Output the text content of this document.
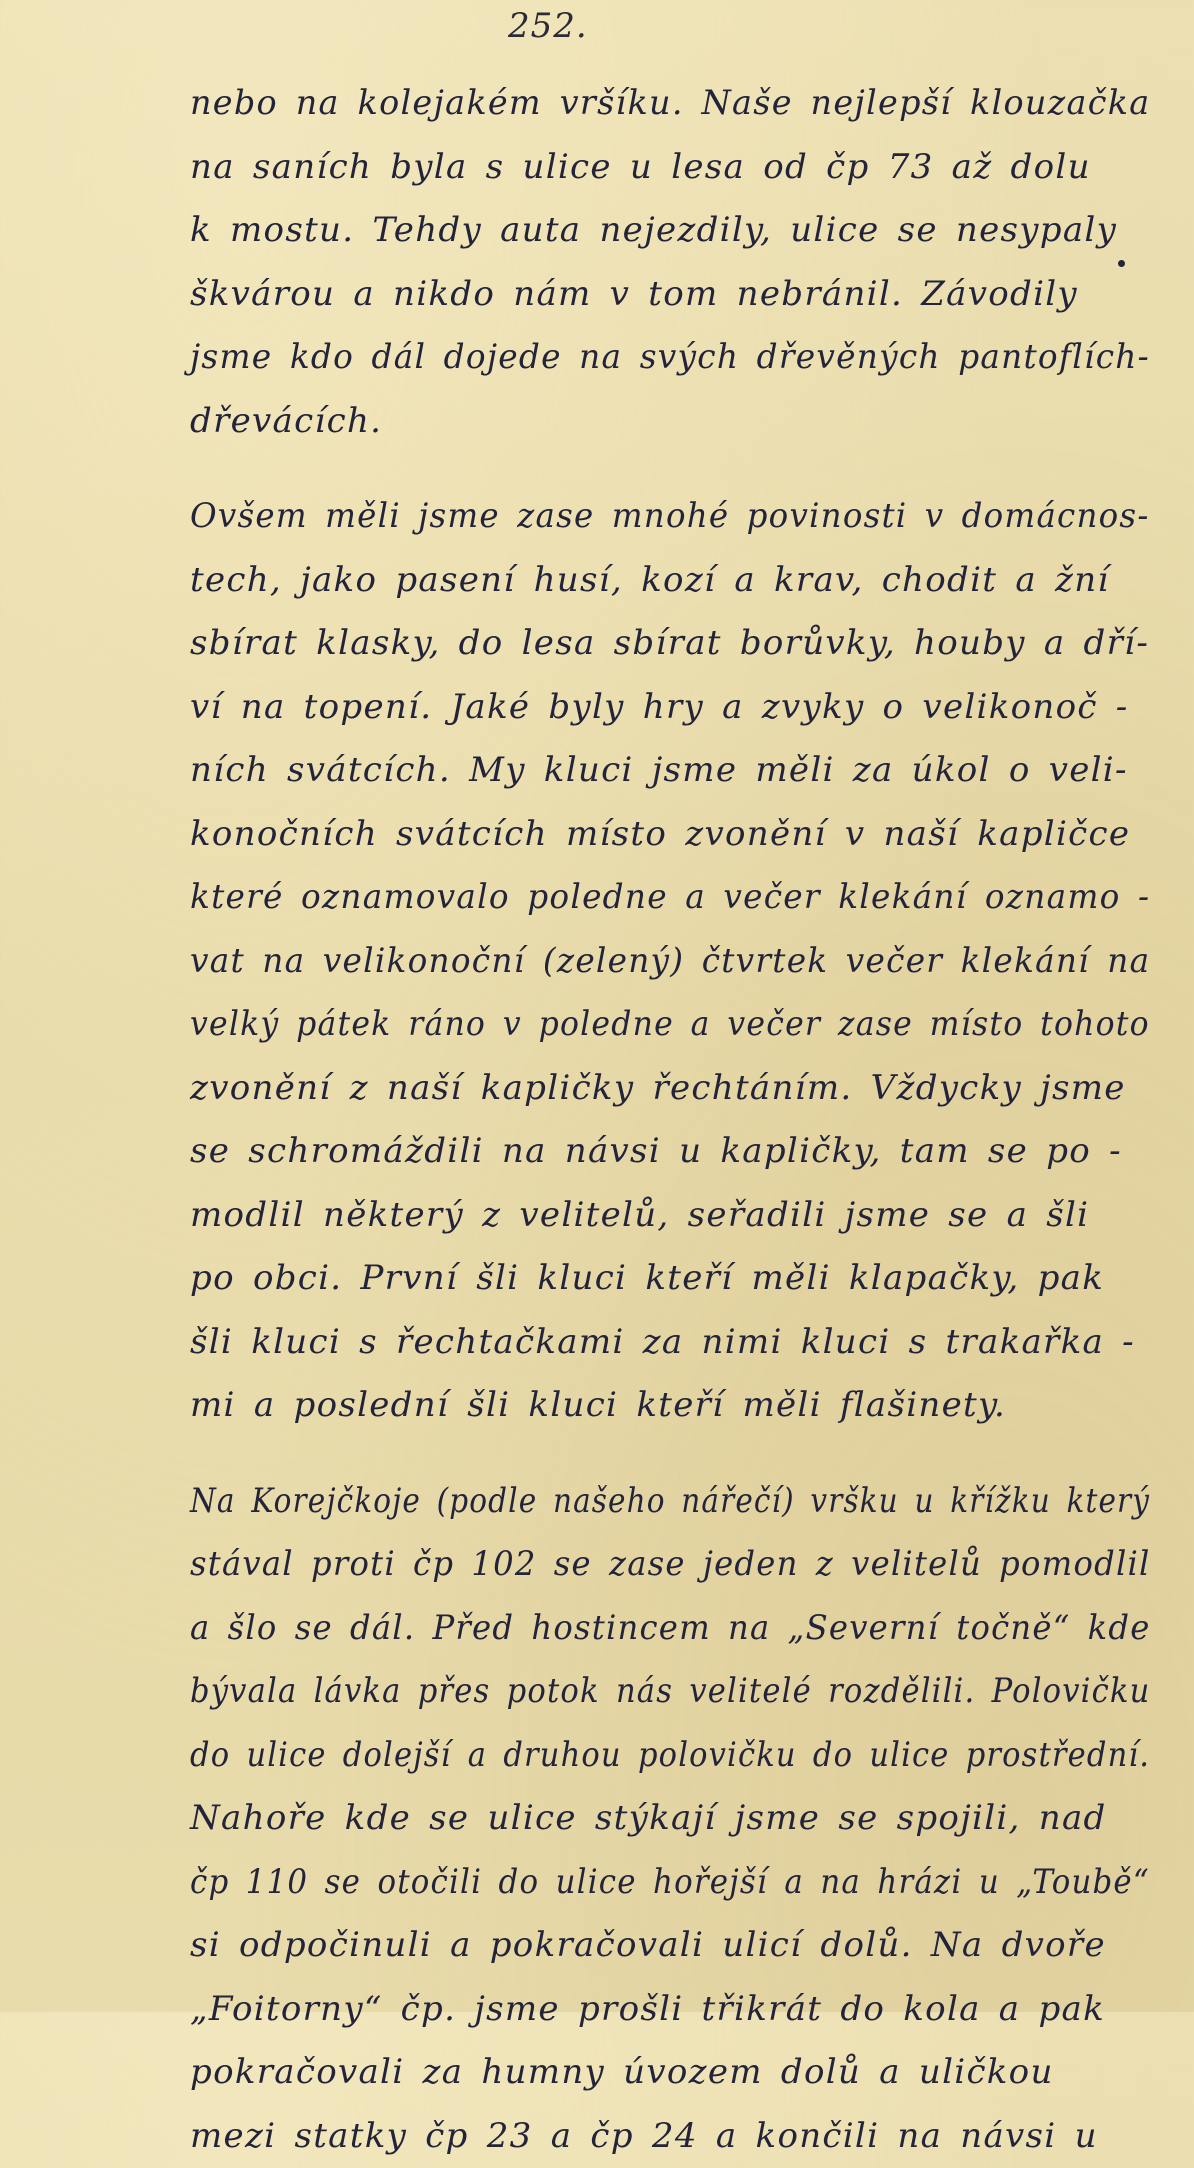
252.
nebo na kolejakém vršíku. Naše nejlepší klouzačka
na saních byla s ulice u lesa od čp 73 až dolu
k mostu. Tehdy auta nejezdily, ulice se nesypaly
škvárou a nikdo nám v tom nebránil. Závodily
jsme kdo dál dojede na svých dřevěných pantoflích-
dřevácích.
Ovšem měli jsme zase mnohé povinosti v domácnos-
tech, jako pasení husí, kozí a krav, chodit a žní
sbírat klasky, do lesa sbírat borůvky, houby a dří-
ví na topení. Jaké byly hry a zvyky o velikonoč -
ních svátcích. My kluci jsme měli za úkol o veli-
konočních svátcích místo zvonění v naší kapličce
které oznamovalo poledne a večer klekání oznamo -
vat na velikonoční (zelený) čtvrtek večer klekání na
velký pátek ráno v poledne a večer zase místo tohoto
zvonění z naší kapličky řechtáním. Vždycky jsme
se schromáždili na návsi u kapličky, tam se po -
modlil některý z velitelů, seřadili jsme se a šli
po obci. První šli kluci kteří měli klapačky, pak
šli kluci s řechtačkami za nimi kluci s trakařka -
mi a poslední šli kluci kteří měli flašinety.
Na Korejčkoje (podle našeho nářečí) vršku u křížku který
stával proti čp 102 se zase jeden z velitelů pomodlil
a šlo se dál. Před hostincem na „Severní točně“ kde
bývala lávka přes potok nás velitelé rozdělili. Polovičku
do ulice dolejší a druhou polovičku do ulice prostřední.
Nahoře kde se ulice stýkají jsme se spojili, nad
čp 110 se otočili do ulice hořejší a na hrázi u „Toubě“
si odpočinuli a pokračovali ulicí dolů. Na dvoře
„Foitorny“ čp. jsme prošli třikrát do kola a pak
pokračovali za humny úvozem dolů a uličkou
mezi statky čp 23 a čp 24 a končili na návsi u
